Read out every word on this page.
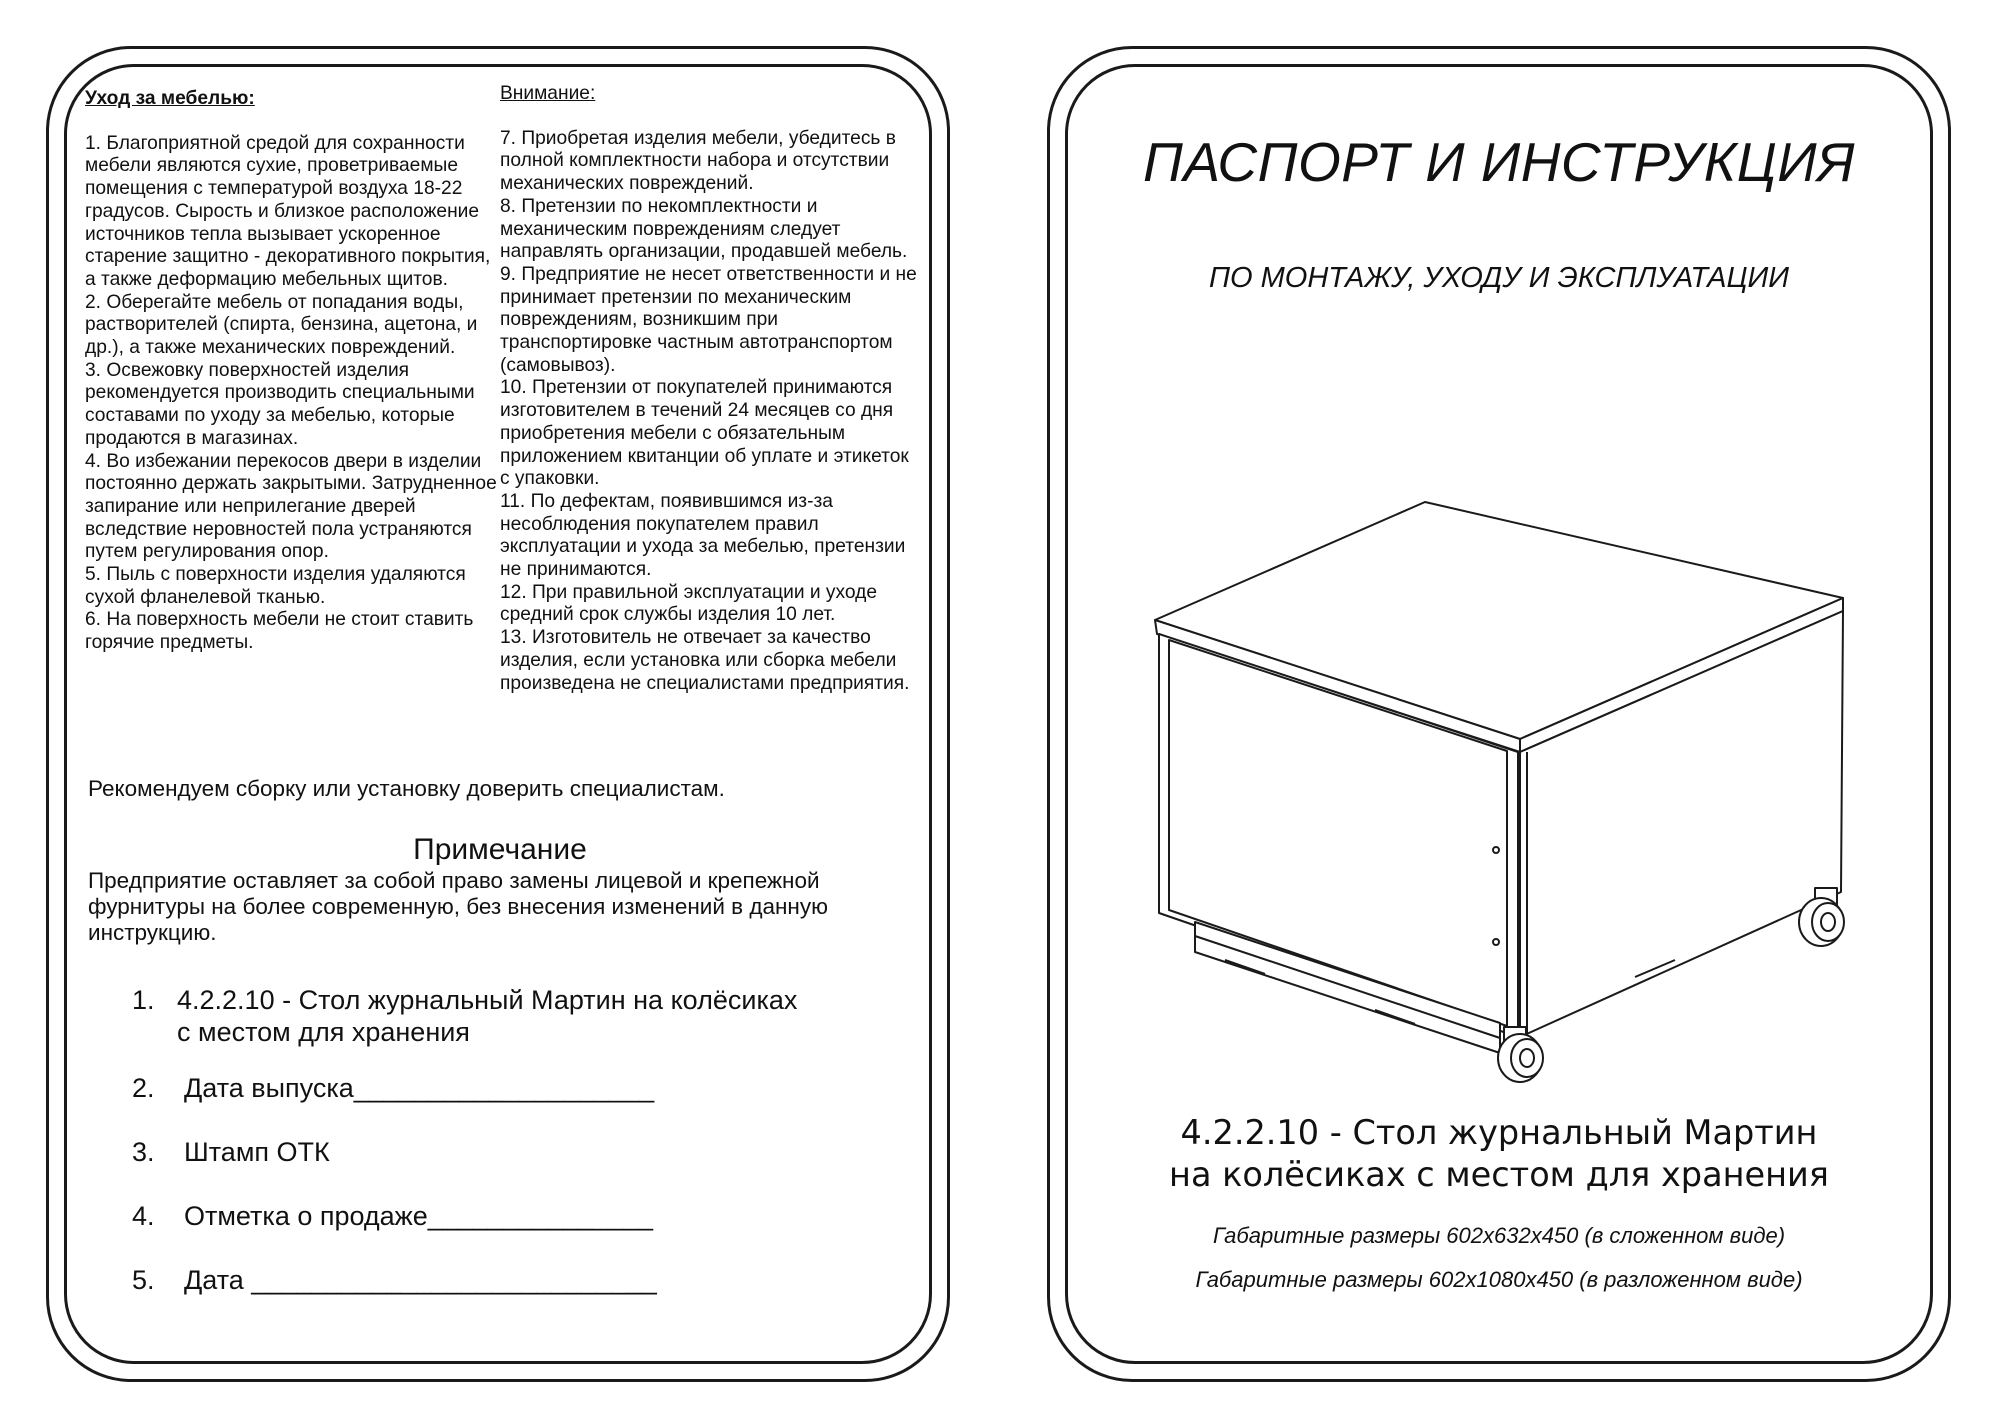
Уход за мебелью:

1. Благоприятной средой для сохранности мебели являются сухие, проветриваемые помещения с температурой воздуха 18-22 градусов. Сырость и близкое расположение источников тепла вызывает ускоренное старение защитно - декоративного покрытия, а также деформацию мебельных щитов.

2. Оберегайте мебель от попадания воды, растворителей (спирта, бензина, ацетона, и др.), а также механических повреждений.

3. Освежовку поверхностей изделия рекомендуется производить специальными составами по уходу за мебелью, которые продаются в магазинах.

4. Во избежании перекосов двери в изделии постоянно держать закрытыми. Затрудненное запирание или неприлегание дверей вследствие неровностей пола устраняются путем регулирования опор.

5. Пыль с поверхности изделия удаляются сухой фланелевой тканью.

6. На поверхность мебели не стоит ставить горячие предметы.

Внимание:

7. Приобретая изделия мебели, убедитесь в полной комплектности набора и отсутствии механических повреждений.

8. Претензии по некомплектности и механическим повреждениям следует направлять организации, продавшей мебель.

9. Предприятие не несет ответственности и не принимает претензии по механическим повреждениям, возникшим при транспортировке частным автотранспортом (самовывоз).

10. Претензии от покупателей принимаются изготовителем в течений 24 месяцев со дня приобретения мебели с обязательным приложением квитанции об уплате и этикеток с упаковки.

11. По дефектам, появившимся из-за несоблюдения покупателем правил эксплуатации и ухода за мебелью, претензии не принимаются.

12. При правильной эксплуатации и уходе средний срок службы изделия 10 лет.

13. Изготовитель не отвечает за качество изделия, если установка или сборка мебели произведена не специалистами предприятия.

Рекомендуем сборку или установку доверить специалистам.
Примечание
Предприятие оставляет за собой право замены лицевой и крепежной фурнитуры на более современную, без внесения изменений в данную инструкцию.
1. 4.2.2.10 - Стол журнальный Мартин на колёсиках
с местом для хранения
2. Дата выпуска____________________
3. Штамп ОТК
4. Отметка о продаже_______________
5. Дата ___________________________
ПАСПОРТ И ИНСТРУКЦИЯ
ПО МОНТАЖУ, УХОДУ И ЭКСПЛУАТАЦИИ
4.2.2.10 - Стол журнальный Мартин
на колёсиках с местом для хранения
Габаритные размеры 602х632х450 (в сложенном виде)
Габаритные размеры 602х1080х450 (в разложенном виде)
